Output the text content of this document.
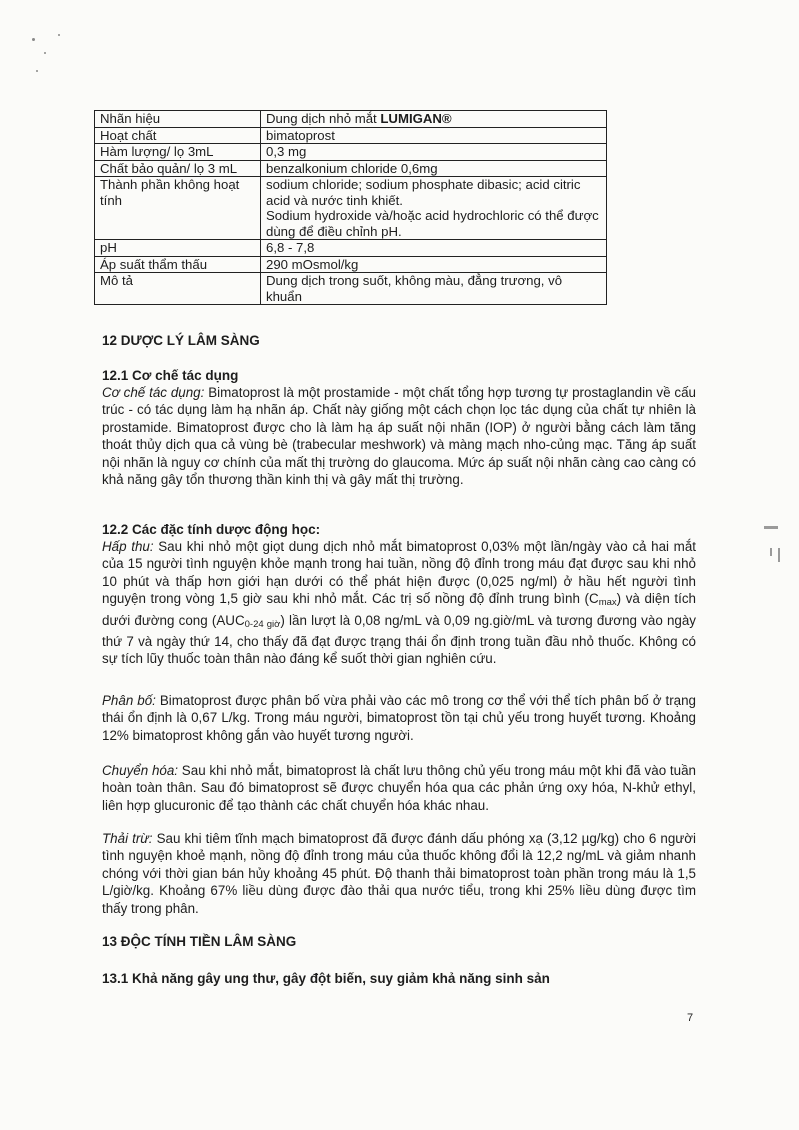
Nhãn hiệu	Dung dịch nhỏ mắt LUMIGAN®
Hoạt chất	bimatoprost
Hàm lượng/ lọ 3mL	0,3 mg
Chất bảo quản/ lọ 3 mL	benzalkonium chloride 0,6mg
Thành phần không hoạt tính	sodium chloride; sodium phosphate dibasic; acid citric acid và nước tinh khiết.
Sodium hydroxide và/hoặc acid hydrochloric có thể được dùng để điều chỉnh pH.

pH	6,8 - 7,8
Áp suất thẩm thấu	290 mOsmol/kg
Mô tả	Dung dịch trong suốt, không màu, đẳng trương, vô khuẩn
12 DƯỢC LÝ LÂM SÀNG
12.1 Cơ chế tác dụng

Cơ chế tác dụng: Bimatoprost là một prostamide - một chất tổng hợp tương tự prostaglandin về cấu trúc - có tác dụng làm hạ nhãn áp. Chất này giống một cách chọn lọc tác dụng của chất tự nhiên là prostamide. Bimatoprost được cho là làm hạ áp suất nội nhãn (IOP) ở người bằng cách làm tăng thoát thủy dịch qua cả vùng bè (trabecular meshwork) và màng mạch nho-củng mạc. Tăng áp suất nội nhãn là nguy cơ chính của mất thị trường do glaucoma. Mức áp suất nội nhãn càng cao càng có khả năng gây tổn thương thần kinh thị và gây mất thị trường.

12.2 Các đặc tính dược động học:

Hấp thu: Sau khi nhỏ một giọt dung dịch nhỏ mắt bimatoprost 0,03% một lần/ngày vào cả hai mắt của 15 người tình nguyện khỏe mạnh trong hai tuần, nồng độ đỉnh trong máu đạt được sau khi nhỏ 10 phút và thấp hơn giới hạn dưới có thể phát hiện được (0,025 ng/ml) ở hầu hết người tình nguyện trong vòng 1,5 giờ sau khi nhỏ mắt. Các trị số nồng độ đỉnh trung bình $(C_{max})$ và diện tích dưới đường cong $(AUC_{0-24 giờ})$ lần lượt là 0,08 ng/mL và 0,09 ng.giờ/mL và tương đương vào ngày thứ 7 và ngày thứ 14, cho thấy đã đạt được trạng thái ổn định trong tuần đầu nhỏ thuốc. Không có sự tích lũy thuốc toàn thân nào đáng kể suốt thời gian nghiên cứu.

Phân bố: Bimatoprost được phân bố vừa phải vào các mô trong cơ thể với thể tích phân bố ở trạng thái ổn định là 0,67 L/kg. Trong máu người, bimatoprost tồn tại chủ yếu trong huyết tương. Khoảng 12% bimatoprost không gắn vào huyết tương người.

Chuyển hóa: Sau khi nhỏ mắt, bimatoprost là chất lưu thông chủ yếu trong máu một khi đã vào tuần hoàn toàn thân. Sau đó bimatoprost sẽ được chuyển hóa qua các phản ứng oxy hóa, N-khử ethyl, liên hợp glucuronic để tạo thành các chất chuyển hóa khác nhau.

Thải trừ: Sau khi tiêm tĩnh mạch bimatoprost đã được đánh dấu phóng xạ (3,12 µg/kg) cho 6 người tình nguyện khoẻ mạnh, nồng độ đỉnh trong máu của thuốc không đổi là 12,2 ng/mL và giảm nhanh chóng với thời gian bán hủy khoảng 45 phút. Độ thanh thải bimatoprost toàn phần trong máu là 1,5 L/giờ/kg. Khoảng 67% liều dùng được đào thải qua nước tiểu, trong khi 25% liều dùng được tìm thấy trong phân.

13 ĐỘC TÍNH TIỀN LÂM SÀNG
13.1 Khả năng gây ung thư, gây đột biến, suy giảm khả năng sinh sản
7
